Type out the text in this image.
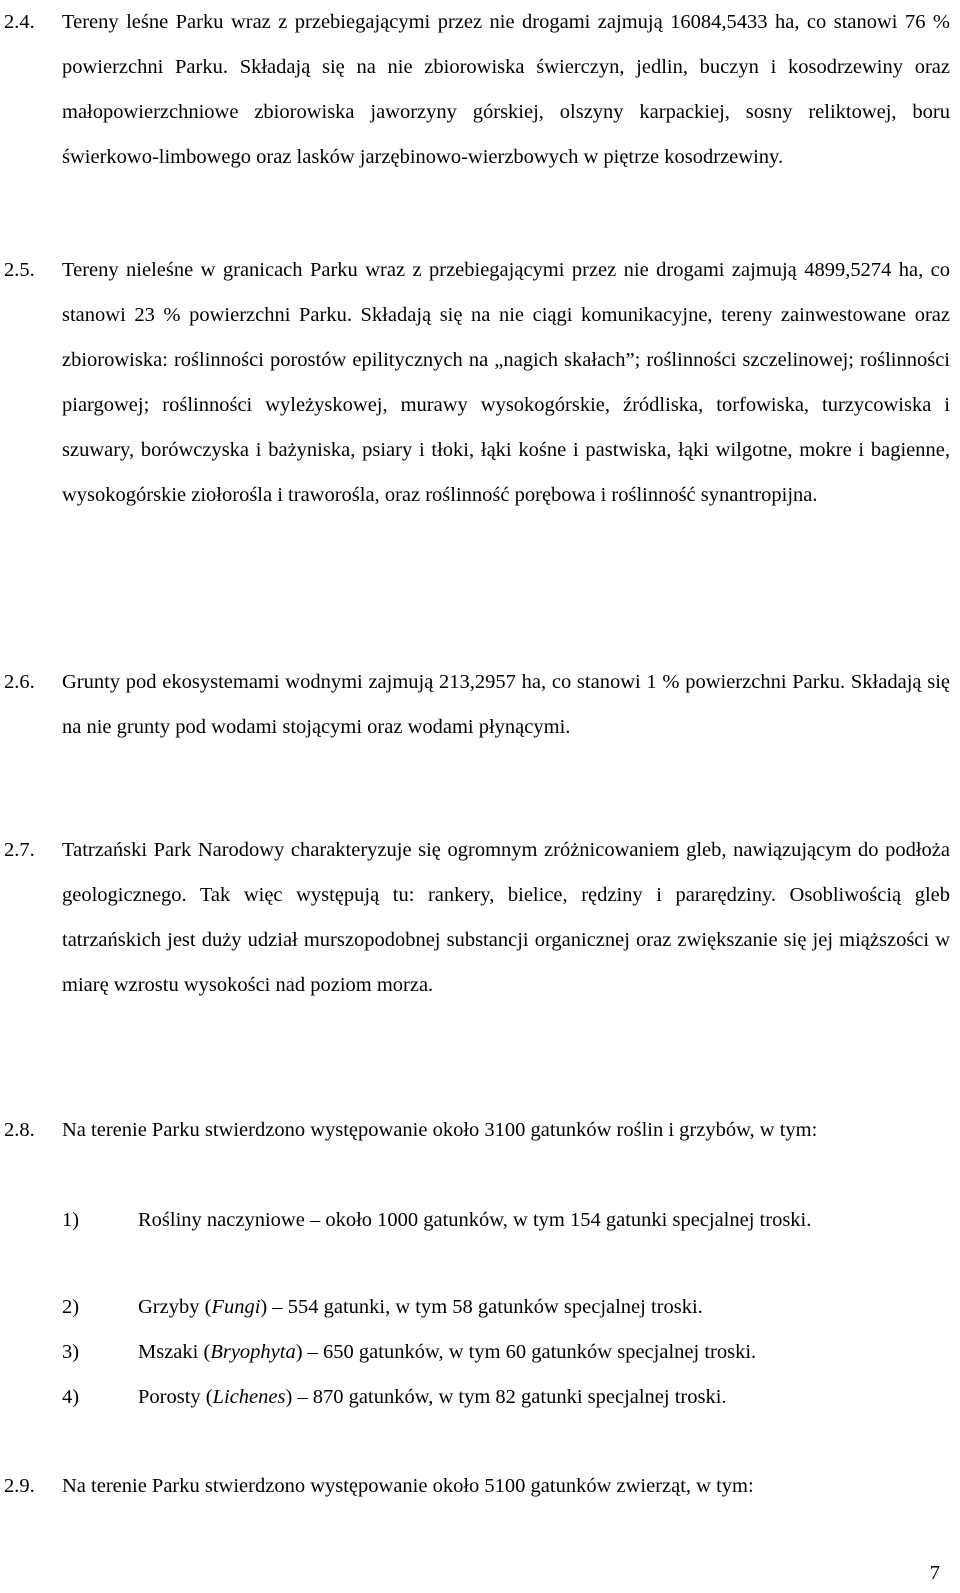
2.4.	Tereny leśne Parku wraz z przebiegającymi przez nie drogami zajmują 16084,5433 ha, co stanowi 76 % powierzchni Parku. Składają się na nie zbiorowiska świerczyn, jedlin, buczyn i kosodrzewiny oraz małopowierzchniowe zbiorowiska jaworzyny górskiej, olszyny karpackiej, sosny reliktowej, boru świerkowo-limbowego oraz lasków jarzębinowo-wierzbowych w piętrze kosodrzewiny.
2.5.	Tereny nieleśne w granicach Parku wraz z przebiegającymi przez nie drogami zajmują 4899,5274 ha, co stanowi 23 % powierzchni Parku. Składają się na nie ciągi komunikacyjne, tereny zainwestowane oraz zbiorowiska: roślinności porostów epilitycznych na „nagich skałach”; roślinności szczelinowej; roślinności piargowej; roślinności wyleżyskowej, murawy wysokogórskie, źródliska, torfowiska, turzycowiska i szuwary, borówczyska i bażyniska, psiary i tłoki, łąki kośne i pastwiska, łąki wilgotne, mokre i bagienne, wysokogórskie ziołorośla i traworośla, oraz roślinność porębowa i roślinność synantropijna.
2.6.	Grunty pod ekosystemami wodnymi zajmują 213,2957 ha, co stanowi 1 % powierzchni Parku. Składają się na nie grunty pod wodami stojącymi oraz wodami płynącymi.
2.7.	Tatrzański Park Narodowy charakteryzuje się ogromnym zróżnicowaniem gleb, nawiązującym do podłoża geologicznego. Tak więc występują tu: rankery, bielice, rędziny i pararędziny. Osobliwością gleb tatrzańskich jest duży udział murszopodobnej substancji organicznej oraz zwiększanie się jej miąższości w miarę wzrostu wysokości nad poziom morza.
2.8.	Na terenie Parku stwierdzono występowanie około 3100 gatunków roślin i grzybów, w tym:
1)	Rośliny naczyniowe – około 1000 gatunków, w tym 154 gatunki specjalnej troski.
2)	Grzyby (Fungi) – 554 gatunki, w tym 58 gatunków specjalnej troski.
3)	Mszaki (Bryophyta) – 650 gatunków, w tym 60 gatunków specjalnej troski.
4)	Porosty (Lichenes) – 870 gatunków, w tym 82 gatunki specjalnej troski.
2.9.	Na terenie Parku stwierdzono występowanie około 5100 gatunków zwierząt, w tym:
7
